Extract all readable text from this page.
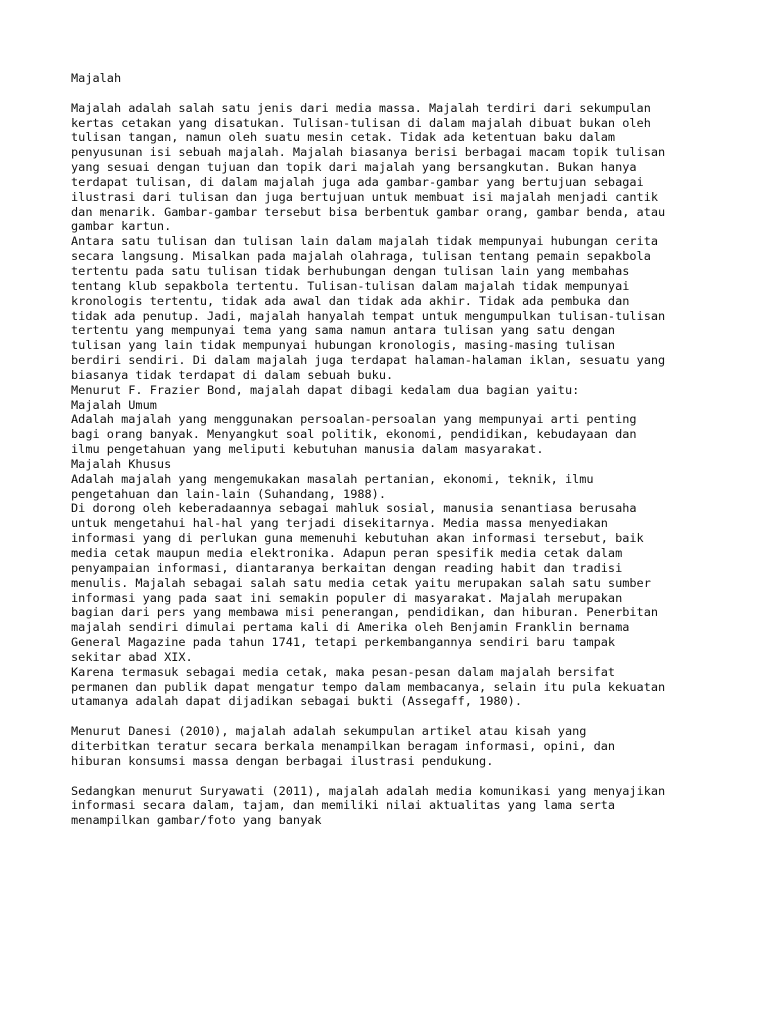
Majalah
Majalah adalah salah satu jenis dari media massa. Majalah terdiri dari sekumpulan
kertas cetakan yang disatukan. Tulisan-tulisan di dalam majalah dibuat bukan oleh
tulisan tangan, namun oleh suatu mesin cetak. Tidak ada ketentuan baku dalam
penyusunan isi sebuah majalah. Majalah biasanya berisi berbagai macam topik tulisan
yang sesuai dengan tujuan dan topik dari majalah yang bersangkutan. Bukan hanya
terdapat tulisan, di dalam majalah juga ada gambar-gambar yang bertujuan sebagai
ilustrasi dari tulisan dan juga bertujuan untuk membuat isi majalah menjadi cantik
dan menarik. Gambar-gambar tersebut bisa berbentuk gambar orang, gambar benda, atau
gambar kartun.
Antara satu tulisan dan tulisan lain dalam majalah tidak mempunyai hubungan cerita
secara langsung. Misalkan pada majalah olahraga, tulisan tentang pemain sepakbola
tertentu pada satu tulisan tidak berhubungan dengan tulisan lain yang membahas
tentang klub sepakbola tertentu. Tulisan-tulisan dalam majalah tidak mempunyai
kronologis tertentu, tidak ada awal dan tidak ada akhir. Tidak ada pembuka dan
tidak ada penutup. Jadi, majalah hanyalah tempat untuk mengumpulkan tulisan-tulisan
tertentu yang mempunyai tema yang sama namun antara tulisan yang satu dengan
tulisan yang lain tidak mempunyai hubungan kronologis, masing-masing tulisan
berdiri sendiri. Di dalam majalah juga terdapat halaman-halaman iklan, sesuatu yang
biasanya tidak terdapat di dalam sebuah buku.
Menurut F. Frazier Bond, majalah dapat dibagi kedalam dua bagian yaitu:
Majalah Umum
Adalah majalah yang menggunakan persoalan-persoalan yang mempunyai arti penting
bagi orang banyak. Menyangkut soal politik, ekonomi, pendidikan, kebudayaan dan
ilmu pengetahuan yang meliputi kebutuhan manusia dalam masyarakat.
Majalah Khusus
Adalah majalah yang mengemukakan masalah pertanian, ekonomi, teknik, ilmu
pengetahuan dan lain-lain (Suhandang, 1988).
Di dorong oleh keberadaannya sebagai mahluk sosial, manusia senantiasa berusaha
untuk mengetahui hal-hal yang terjadi disekitarnya. Media massa menyediakan
informasi yang di perlukan guna memenuhi kebutuhan akan informasi tersebut, baik
media cetak maupun media elektronika. Adapun peran spesifik media cetak dalam
penyampaian informasi, diantaranya berkaitan dengan reading habit dan tradisi
menulis. Majalah sebagai salah satu media cetak yaitu merupakan salah satu sumber
informasi yang pada saat ini semakin populer di masyarakat. Majalah merupakan
bagian dari pers yang membawa misi penerangan, pendidikan, dan hiburan. Penerbitan
majalah sendiri dimulai pertama kali di Amerika oleh Benjamin Franklin bernama
General Magazine pada tahun 1741, tetapi perkembangannya sendiri baru tampak
sekitar abad XIX.
Karena termasuk sebagai media cetak, maka pesan-pesan dalam majalah bersifat
permanen dan publik dapat mengatur tempo dalam membacanya, selain itu pula kekuatan
utamanya adalah dapat dijadikan sebagai bukti (Assegaff, 1980).
Menurut Danesi (2010), majalah adalah sekumpulan artikel atau kisah yang
diterbitkan teratur secara berkala menampilkan beragam informasi, opini, dan
hiburan konsumsi massa dengan berbagai ilustrasi pendukung.
Sedangkan menurut Suryawati (2011), majalah adalah media komunikasi yang menyajikan
informasi secara dalam, tajam, dan memiliki nilai aktualitas yang lama serta
menampilkan gambar/foto yang banyak
